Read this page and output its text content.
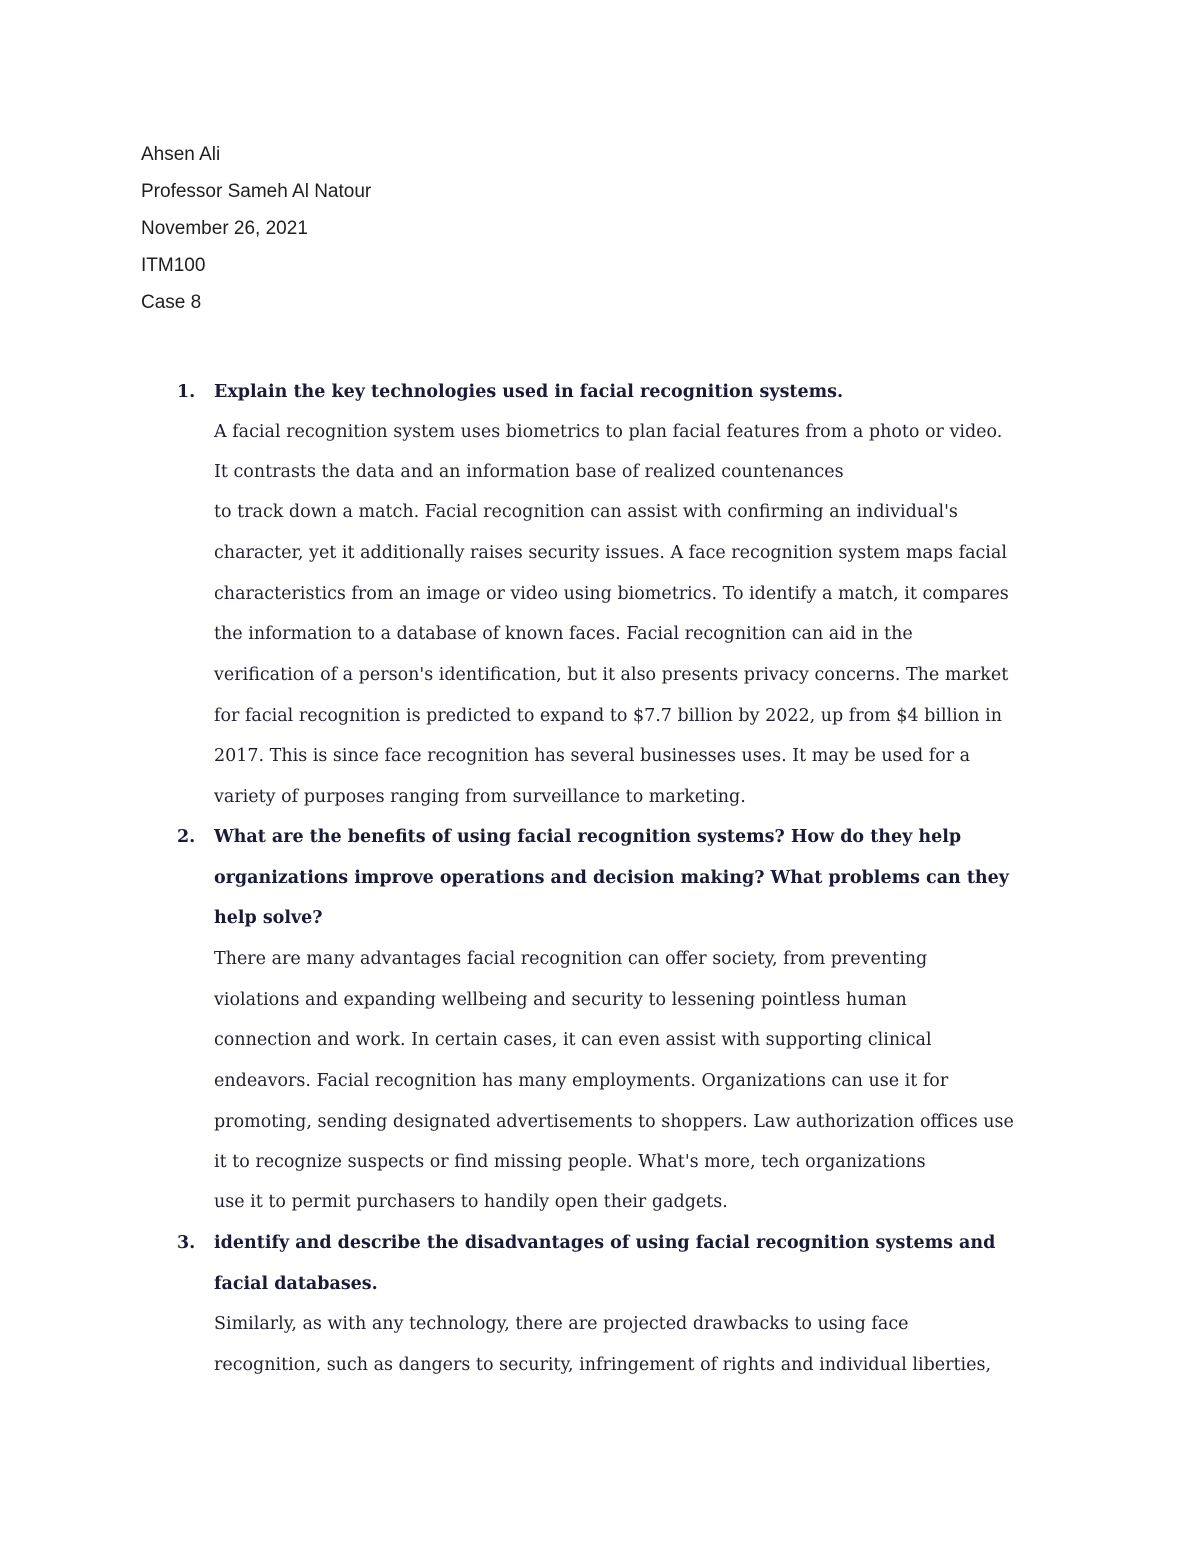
Ahsen Ali
Professor Sameh Al Natour
November 26, 2021
ITM100
Case 8
1. Explain the key technologies used in facial recognition systems.
A facial recognition system uses biometrics to plan facial features from a photo or video.
It contrasts the data and an information base of realized countenances
to track down a match. Facial recognition can assist with confirming an individual's
character, yet it additionally raises security issues. A face recognition system maps facial
characteristics from an image or video using biometrics. To identify a match, it compares
the information to a database of known faces. Facial recognition can aid in the
verification of a person's identification, but it also presents privacy concerns. The market
for facial recognition is predicted to expand to $7.7 billion by 2022, up from $4 billion in
2017. This is since face recognition has several businesses uses. It may be used for a
variety of purposes ranging from surveillance to marketing.
2. What are the benefits of using facial recognition systems? How do they help
organizations improve operations and decision making? What problems can they
help solve?
There are many advantages facial recognition can offer society, from preventing
violations and expanding wellbeing and security to lessening pointless human
connection and work. In certain cases, it can even assist with supporting clinical
endeavors. Facial recognition has many employments. Organizations can use it for
promoting, sending designated advertisements to shoppers. Law authorization offices use
it to recognize suspects or find missing people. What's more, tech organizations
use it to permit purchasers to handily open their gadgets.
3. identify and describe the disadvantages of using facial recognition systems and
facial databases.
Similarly, as with any technology, there are projected drawbacks to using face
recognition, such as dangers to security, infringement of rights and individual liberties,
